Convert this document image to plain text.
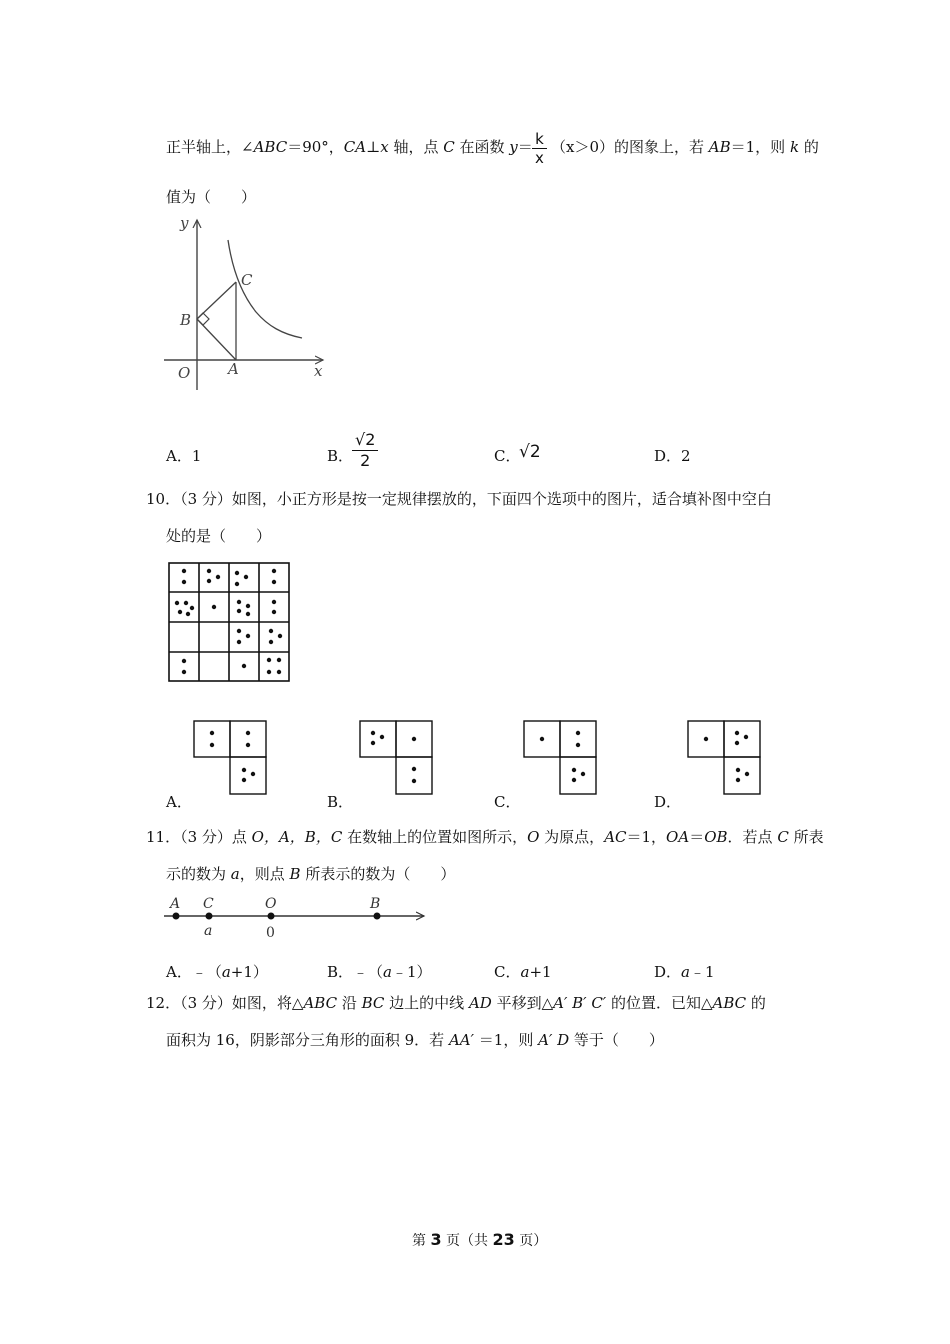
正半轴上，∠ABC＝90°，CA⊥x 轴，点 C 在函数 $y= \frac{k}{x} (x>0)$的图象上，若 AB＝1，则 k 的
值为（　　）
y
x
O	A
B
C
A．1	B．
$\frac{√2}{2}$	C．
√2	D．2
10．（3 分）如图，小正方形是按一定规律摆放的，下面四个选项中的图片，适合填补图中空白
处的是（　　）
A．	B．	C．	D．
11．（3 分）点 O，A，B，C 在数轴上的位置如图所示，O 为原点，AC＝1，OA＝OB．若点 C 所表
示的数为 a，则点 B 所表示的数为（　　）
A C	O	B
a	0
A．﹣（a+1）	B．﹣（a﹣1）	C．a+1	D．a﹣1
12．（3 分）如图，将△ABC 沿 BC 边上的中线 AD 平移到△A′ B′ C′ 的位置．已知△ABC 的
面积为 16，阴影部分三角形的面积 9．若 AA′ ＝1，则 A′ D 等于（　　）
第 3 页（共 23 页）
